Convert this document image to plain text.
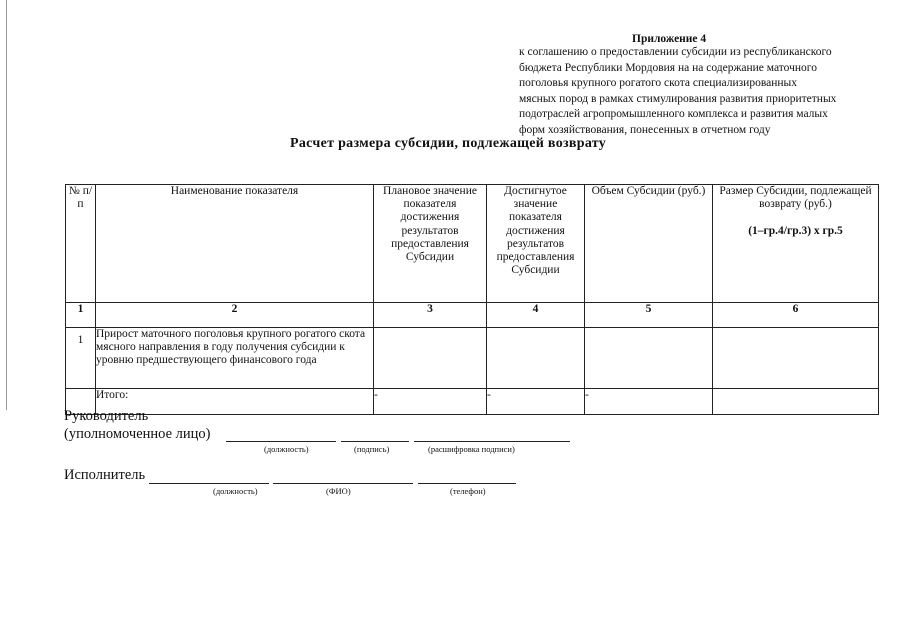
Приложение 4
к соглашению о предоставлении субсидии из республиканского
бюджета Республики Мордовия на на содержание маточного
поголовья крупного рогатого скота специализированных
мясных пород в рамках стимулирования развития приоритетных
подотраслей агропромышленного комплекса и развития малых
форм хозяйствования, понесенных в отчетном году
Расчет размера субсидии, подлежащей возврату
№ п/п	Наименование показателя	Плановое значение показателя достижения результатов предоставления Субсидии	Достигнутое значение показателя достижения результатов предоставления Субсидии	Объем Субсидии (руб.)	Размер Субсидии, подлежащей возврату (руб.)
(1–гр.4/гр.3) x гр.5

1	2	3	4	5	6
1	Прирост маточного поголовья крупного рогатого скота мясного направления в году получения субсидии к уровню предшествующего финансового года				
	Итого:	-	-	-	
Руководитель
(уполномоченное лицо)
(должность)	(подпись)	(расшифровка подписи)
Исполнитель
(должность)	(ФИО)	(телефон)
